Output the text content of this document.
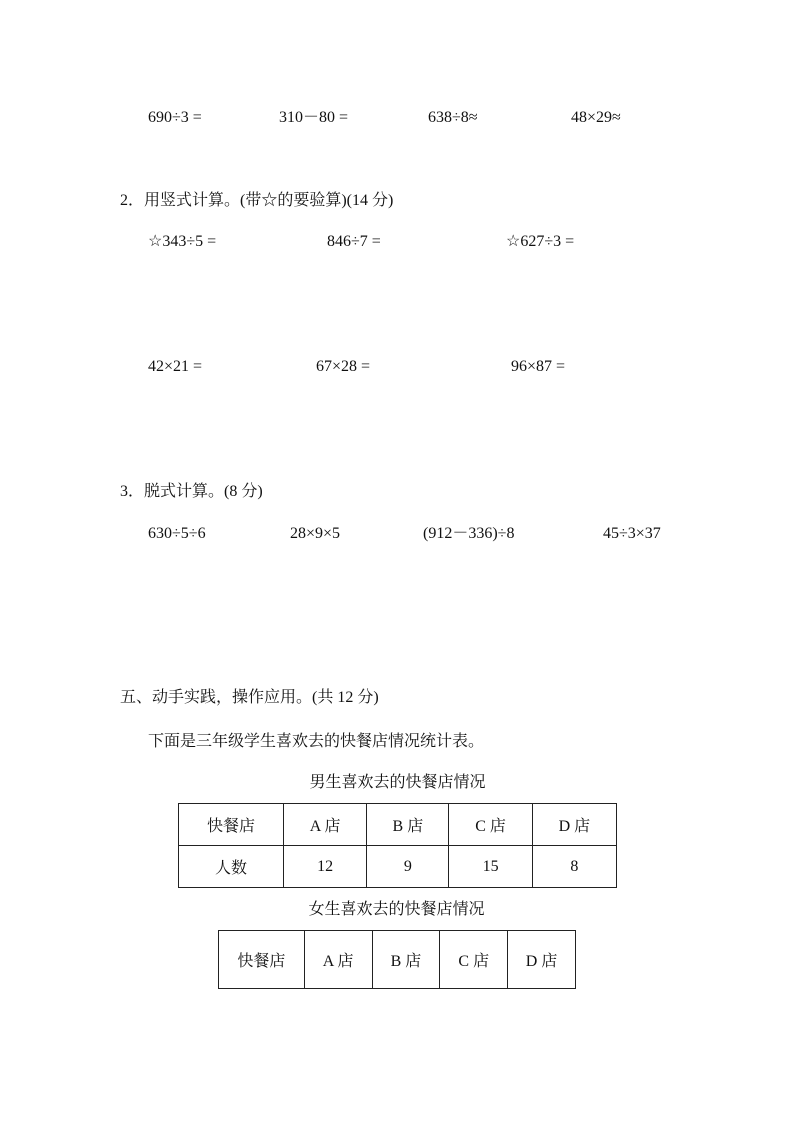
690÷3 =	310－80 =	638÷8≈	48×29≈
2．用竖式计算。(带☆的要验算)(14 分)
☆343÷5 =	846÷7 =	☆627÷3 =
42×21 =	67×28 =	96×87 =
3．脱式计算。(8 分)
630÷5÷6	28×9×5	(912－336)÷8	45÷3×37
五、动手实践，操作应用。(共 12 分)
下面是三年级学生喜欢去的快餐店情况统计表。
男生喜欢去的快餐店情况
快餐店	A 店	B 店	C 店	D 店
人数	12	9	15	8
女生喜欢去的快餐店情况
快餐店	A 店	B 店	C 店	D 店
